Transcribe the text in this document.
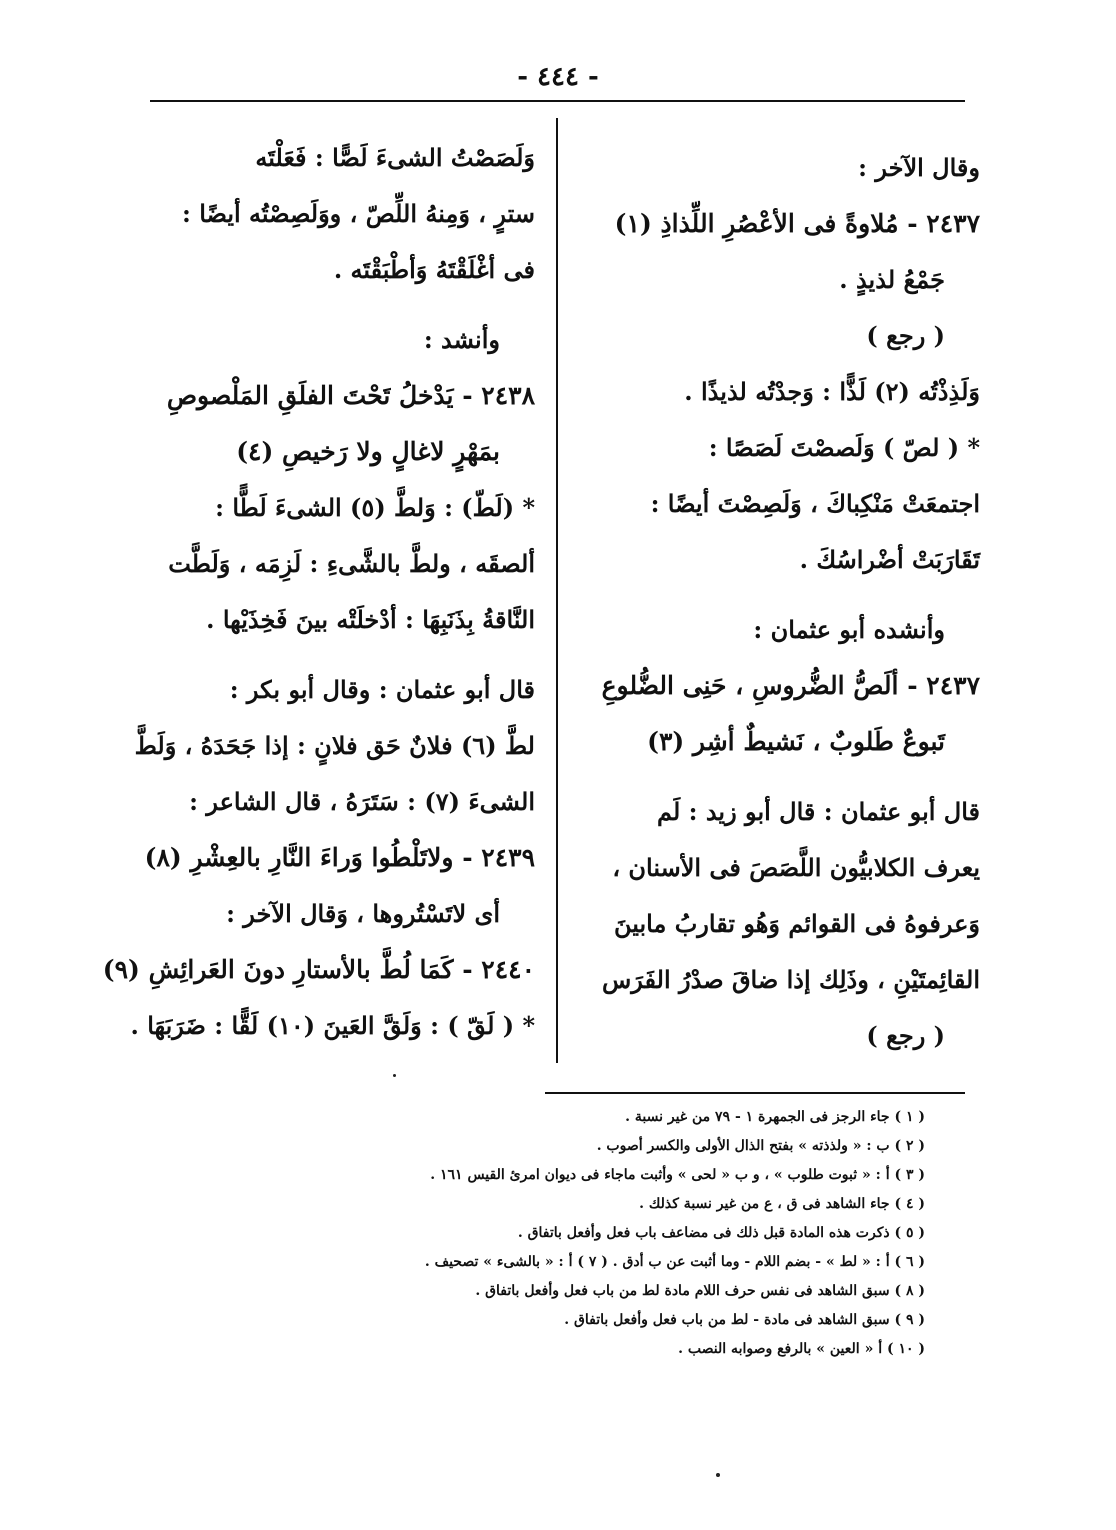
- ٤٤٤ -
وقال الآخر :
٢٤٣٧ - مُلاوةً فى الأعْصُرِ اللِّذاذِ (١)
جَمْعُ لذيذٍ .
( رجع )
وَلَذِذْتُه (٢) لَذًّا : وَجدْتُه لذيذًا .
* ( لصّ ) وَلَصصْتَ لَصَصًا :
اجتمعَتْ مَنْكِباكَ ، وَلَصِصْتَ أيضًا :
تَقَارَبَتْ أضْراسُكَ .
وأنشده أبو عثمان :
٢٤٣٧ - ألَصُّ الضُّروسِ ، حَنِى الضُّلوعِ
تَبوعٌ طَلوبٌ ، نَشيطٌ أشِر (٣)
قال أبو عثمان : قال أبو زيد : لَم
يعرف الكلابيُّون اللَّصَصَ فى الأسنان ،
وَعرفوهُ فى القوائم وَهُو تقاربُ مابينَ
القائِمتَيْنِ ، وذَلِك إذا ضاقَ صدْرُ الفَرَس
( رجع )
وَلَصَصْتُ الشىءَ لَصًّا : فَعَلْتَه
سترٍ ، وَمِنهُ اللِّصّ ، ووَلَصِصْتُه أيضًا :
فى أغْلَقْتَهُ وَأطْبَقْتَه .
وأنشد :
٢٤٣٨ - يَدْخلُ تَحْتَ الفلَقِ المَلْصوصِ
بمَهْرٍ لاغالٍ ولا رَخيصِ (٤)
* (لَطّ) : وَلطَّ (٥) الشىءَ لَطًّا :
ألصقَه ، ولطَّ بالشَّىءِ : لَزِمَه ، وَلَطَّت
النَّاقةُ بِذَنَبِهَا : أدْخلَتْه بينَ فَخِذَيْها .
قال أبو عثمان : وقال أبو بكر :
لطَّ (٦) فلانٌ حَق فلانٍ : إذا جَحَدَهُ ، وَلَطَّ
الشىءَ (٧) : سَتَرَهُ ، قال الشاعر :
٢٤٣٩ - ولاتَلْطُوا وَراءَ النَّارِ بالعِشْرِ (٨)
أى لاتَسْتُروها ، وَقال الآخر :
٢٤٤٠ - كَمَا لُطَّ بالأستارِ دونَ العَرائِشِ (٩)
* ( لَقّ ) : وَلَقَّ العَينَ (١٠) لَقًّا : ضَرَبَهَا .
( ١ ) جاء الرجز فى الجمهرة ١ - ٧٩ من غير نسبة .
( ٢ ) ب : « ولذذته » بفتح الذال الأولى والكسر أصوب .
( ٣ ) أ : « ثبوت طلوب » ، و ب « لحى » وأثبت ماجاء فى ديوان امرئ القيس ١٦١ .
( ٤ ) جاء الشاهد فى ق ، ع من غير نسبة كذلك .
( ٥ ) ذكرت هذه المادة قبل ذلك فى مضاعف باب فعل وأفعل باتفاق .
( ٦ ) أ : « لط » - بضم اللام - وما أثبت عن ب أدق . ( ٧ ) أ : « بالشىء » تصحيف .
( ٨ ) سبق الشاهد فى نفس حرف اللام مادة لط من باب فعل وأفعل باتفاق .
( ٩ ) سبق الشاهد فى مادة - لط من باب فعل وأفعل باتفاق .
( ١٠ ) أ « العين » بالرفع وصوابه النصب .
